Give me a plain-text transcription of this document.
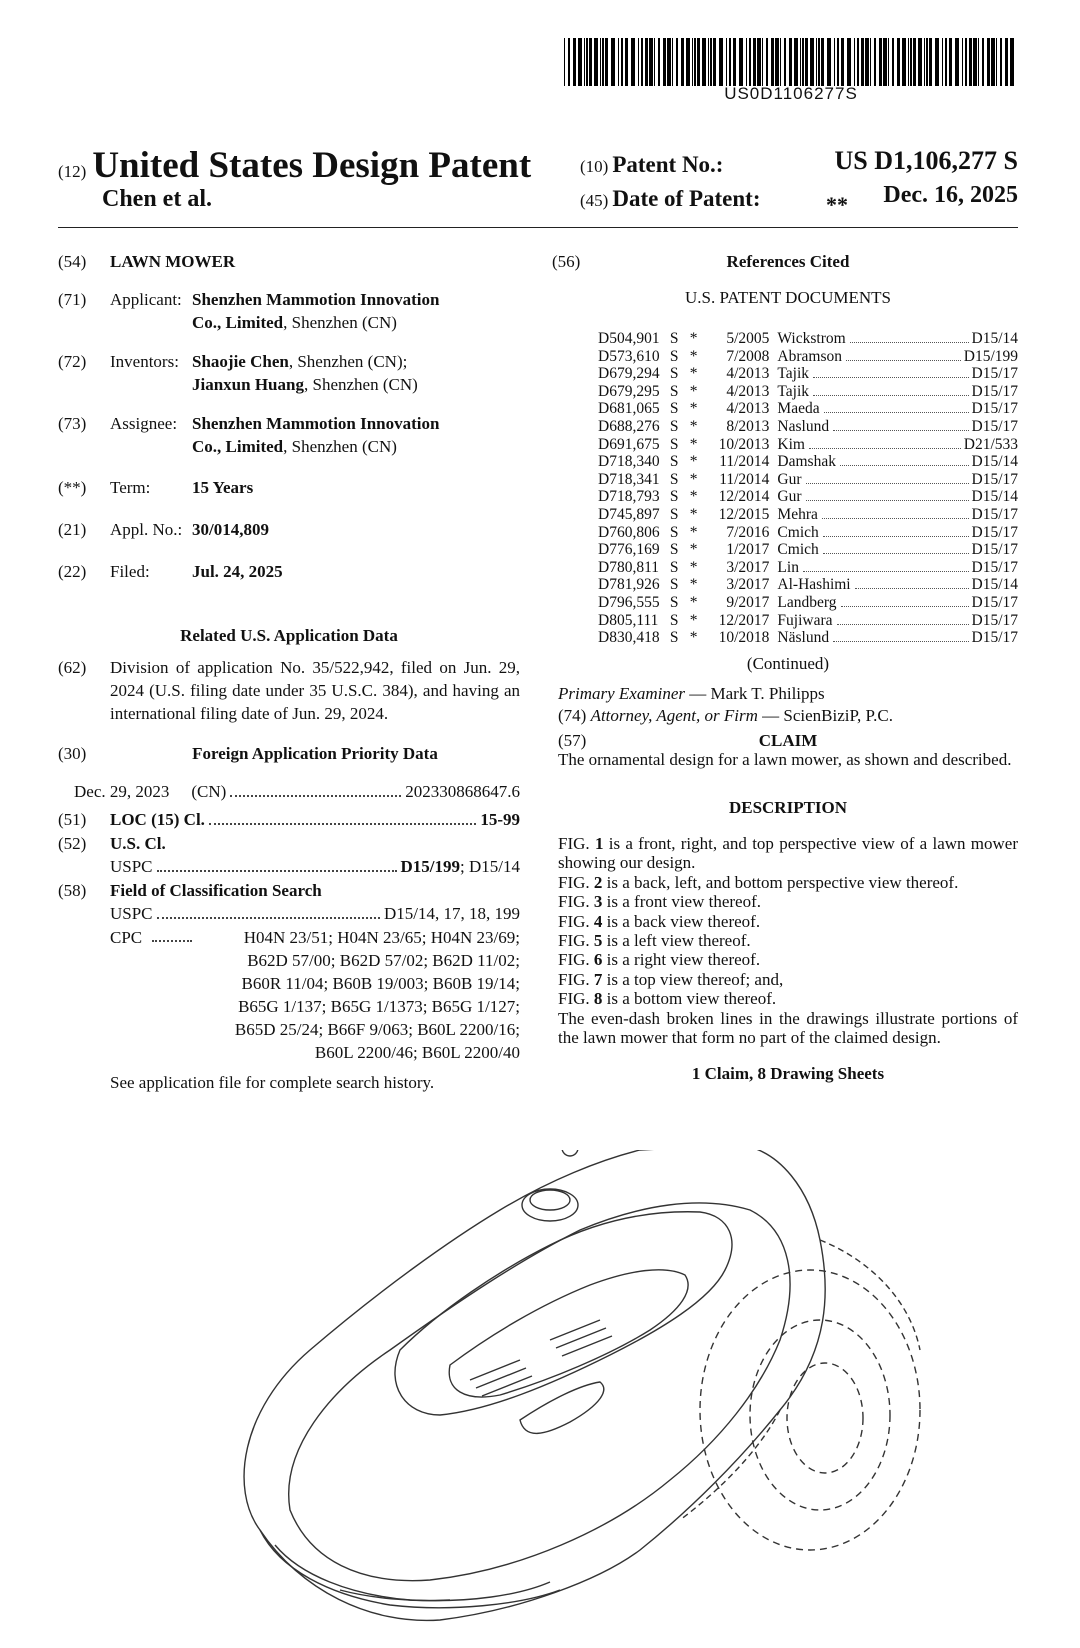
US0D1106277S
(12) United States Design Patent
Chen et al.
(10) Patent No.:	US D1,106,277 S
(45) Date of Patent:	** Dec. 16, 2025
(54) LAWN MOWER
(71) Applicant: Shenzhen Mammotion Innovation
Co., Limited, Shenzhen (CN)
(72) Inventors: Shaojie Chen, Shenzhen (CN);
Jianxun Huang, Shenzhen (CN)
(73) Assignee: Shenzhen Mammotion Innovation
Co., Limited, Shenzhen (CN)
(**) Term: 15 Years
(21) Appl. No.: 30/014,809
(22) Filed: Jul. 24, 2025
Related U.S. Application Data
(62) Division of application No. 35/522,942, filed on Jun. 29, 2024 (U.S. filing date under 35 U.S.C. 384), and having an international filing date of Jun. 29, 2024.
(30)	Foreign Application Priority Data
Dec. 29, 2023 (CN)	202330868647.6
(51) LOC (15) Cl.	15-99
(52) U.S. Cl.
USPC	D15/199; D15/14
(58) Field of Classification Search
USPC	D15/14, 17, 18, 199
CPC	H04N 23/51; H04N 23/65; H04N 23/69;
B62D 57/00; B62D 57/02; B62D 11/02;
B60R 11/04; B60B 19/003; B60B 19/14;
B65G 1/137; B65G 1/1373; B65G 1/127;
B65D 25/24; B66F 9/063; B60L 2200/16;
B60L 2200/46; B60L 2200/40
See application file for complete search history.
(56)	References Cited
U.S. PATENT DOCUMENTS
D504,901	S	*	5/2005	Wickstrom D15/14

D573,610	S	*	7/2008	Abramson D15/199

D679,294	S	*	4/2013	Tajik D15/17

D679,295	S	*	4/2013	Tajik D15/17

D681,065	S	*	4/2013	Maeda D15/17

D688,276	S	*	8/2013	Naslund D15/17

D691,675	S	*	10/2013	Kim D21/533

D718,340	S	*	11/2014	Damshak D15/14

D718,341	S	*	11/2014	Gur D15/17

D718,793	S	*	12/2014	Gur D15/14

D745,897	S	*	12/2015	Mehra D15/17

D760,806	S	*	7/2016	Cmich D15/17

D776,169	S	*	1/2017	Cmich D15/17

D780,811	S	*	3/2017	Lin D15/17

D781,926	S	*	3/2017	Al-Hashimi D15/14

D796,555	S	*	9/2017	Landberg D15/17

D805,111	S	*	12/2017	Fujiwara D15/17

D830,418	S	*	10/2018	Näslund D15/17
(Continued)
Primary Examiner — Mark T. Philipps
(74) Attorney, Agent, or Firm — ScienBiziP, P.C.
(57)	CLAIM
The ornamental design for a lawn mower, as shown and described.
DESCRIPTION
FIG. 1 is a front, right, and top perspective view of a lawn mower showing our design.
FIG. 2 is a back, left, and bottom perspective view thereof.
FIG. 3 is a front view thereof.
FIG. 4 is a back view thereof.
FIG. 5 is a left view thereof.
FIG. 6 is a right view thereof.
FIG. 7 is a top view thereof; and,
FIG. 8 is a bottom view thereof.
The even-dash broken lines in the drawings illustrate portions of the lawn mower that form no part of the claimed design.
1 Claim, 8 Drawing Sheets
